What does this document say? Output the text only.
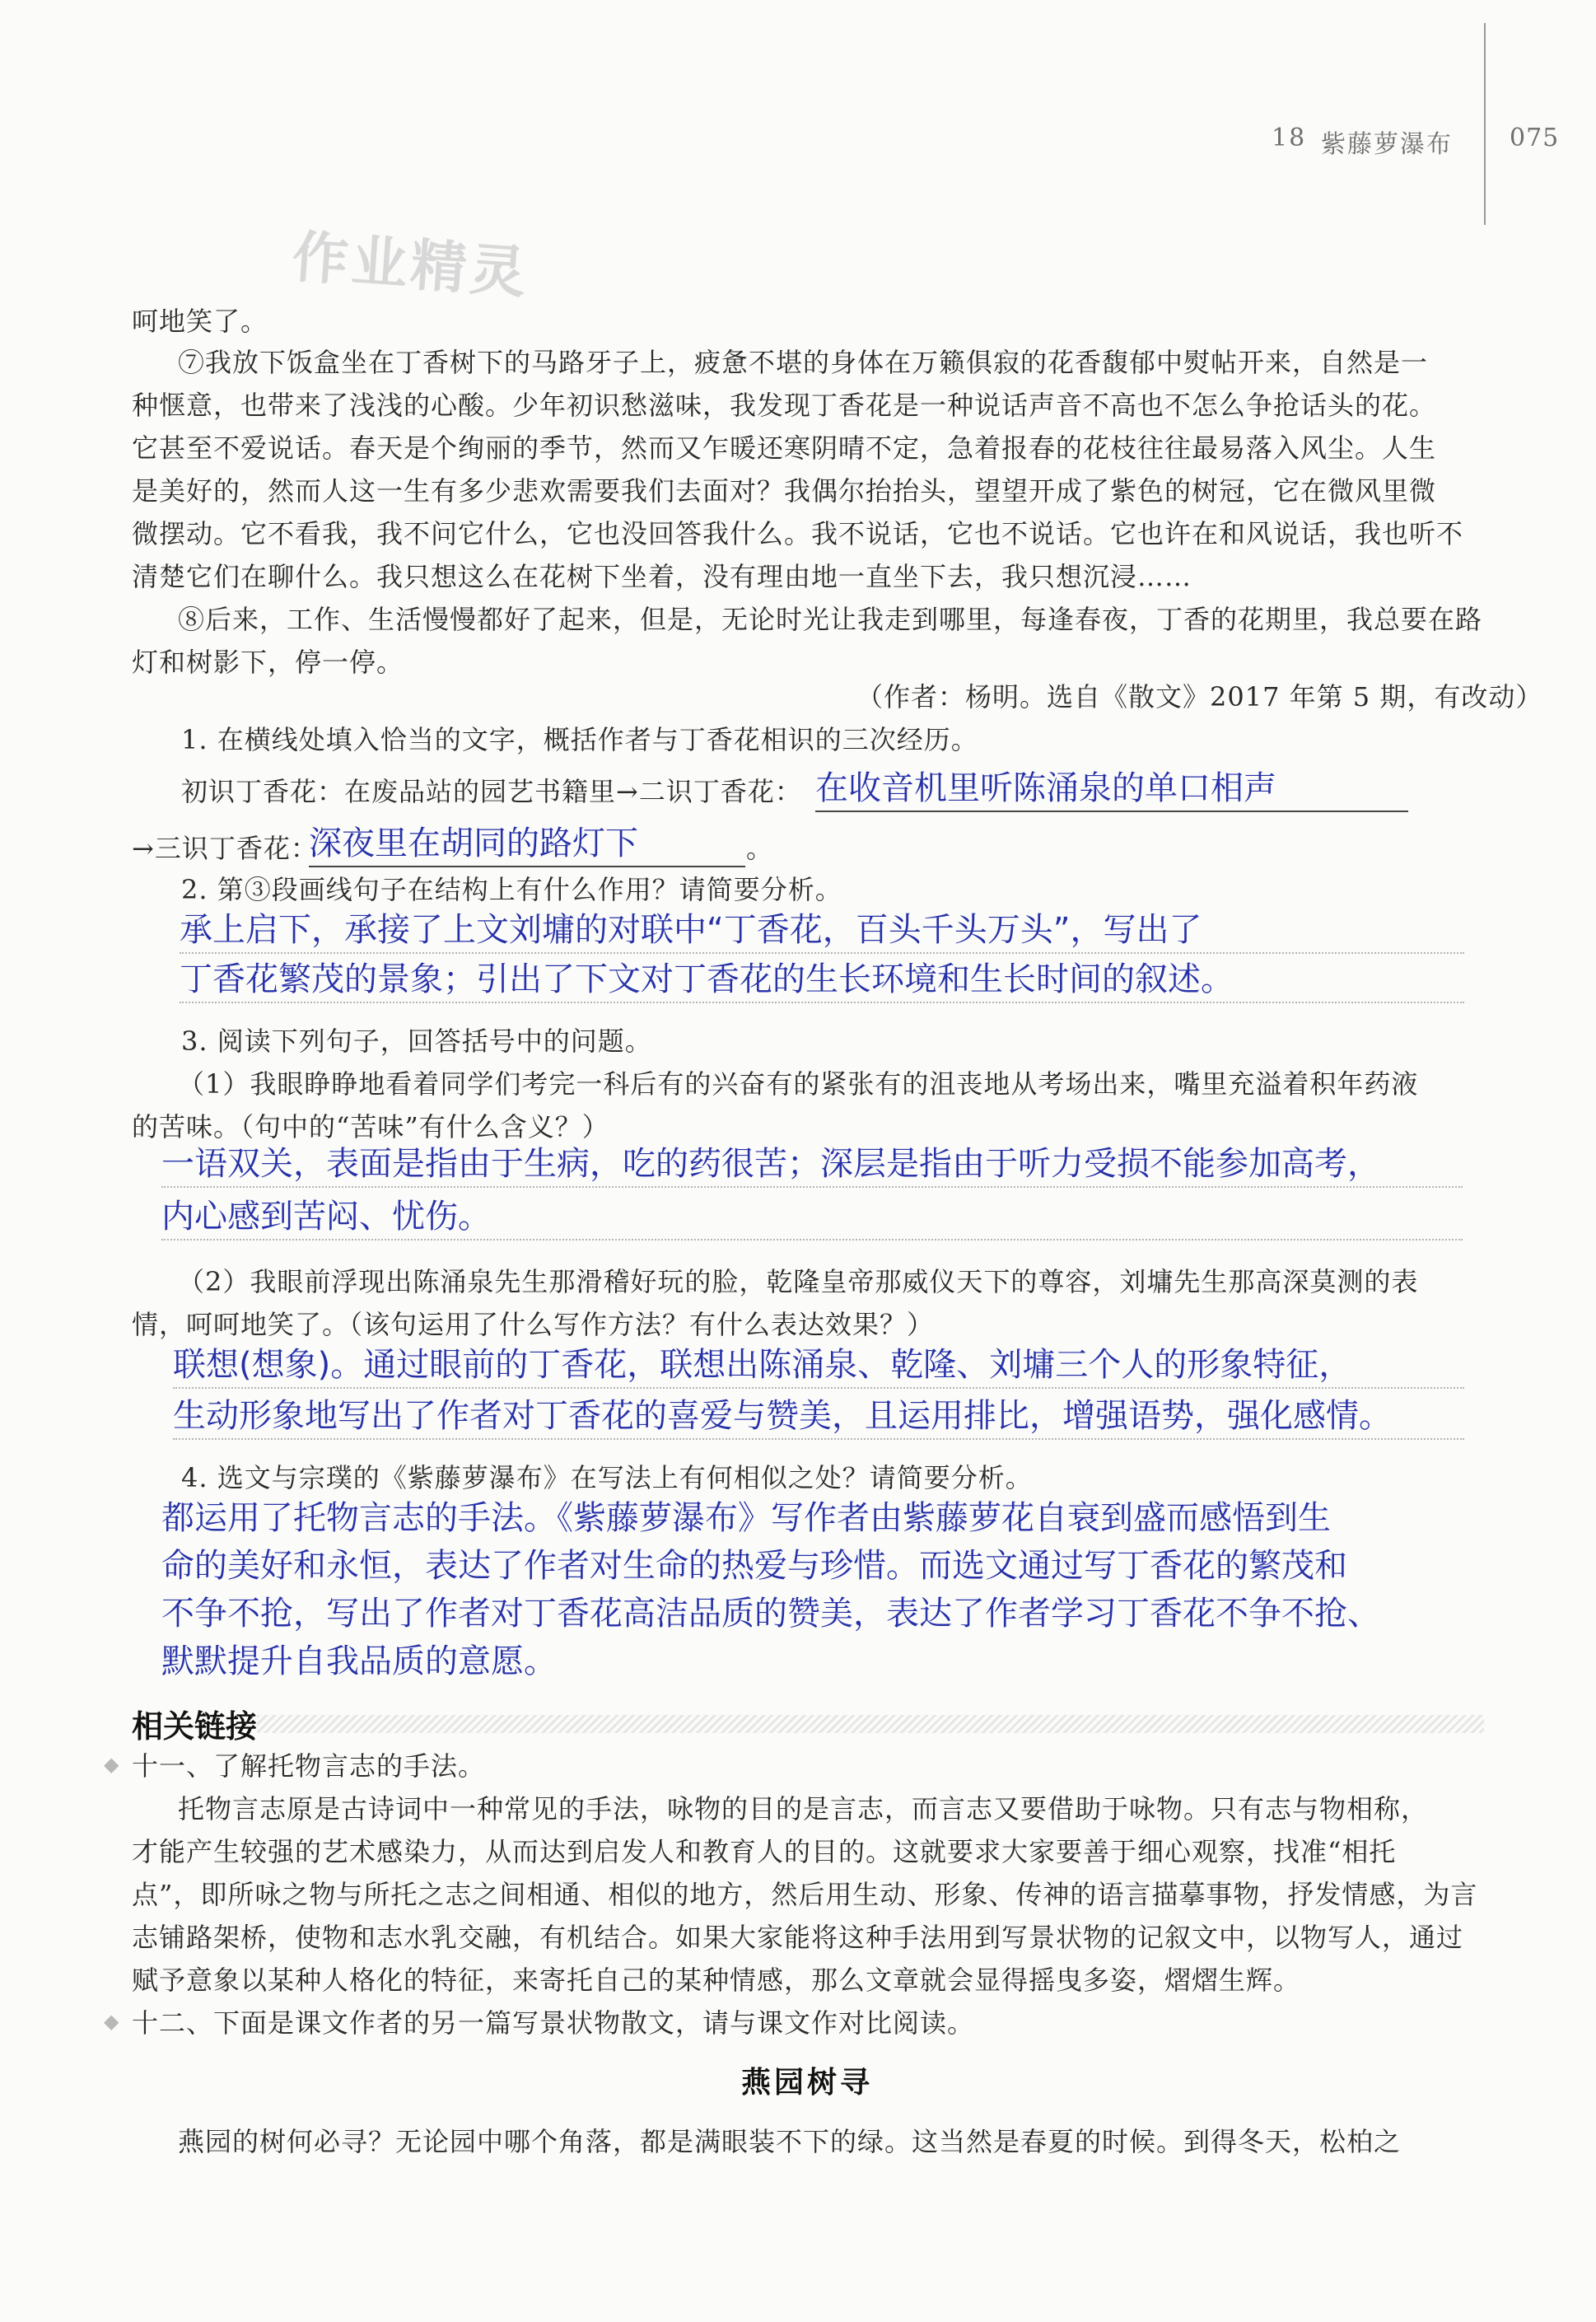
18 紫藤萝瀑布 075
作业精灵
呵地笑了。
⑦我放下饭盒坐在丁香树下的马路牙子上，疲惫不堪的身体在万籁俱寂的花香馥郁中熨帖开来，自然是一
种惬意，也带来了浅浅的心酸。少年初识愁滋味，我发现丁香花是一种说话声音不高也不怎么争抢话头的花。
它甚至不爱说话。春天是个绚丽的季节，然而又乍暖还寒阴晴不定，急着报春的花枝往往最易落入风尘。人生
是美好的，然而人这一生有多少悲欢需要我们去面对？我偶尔抬抬头，望望开成了紫色的树冠，它在微风里微
微摆动。它不看我，我不问它什么，它也没回答我什么。我不说话，它也不说话。它也许在和风说话，我也听不
清楚它们在聊什么。我只想这么在花树下坐着，没有理由地一直坐下去，我只想沉浸……
⑧后来，工作、生活慢慢都好了起来，但是，无论时光让我走到哪里，每逢春夜，丁香的花期里，我总要在路
灯和树影下，停一停。
（作者：杨明。选自《散文》2017 年第 5 期，有改动）
1. 在横线处填入恰当的文字，概括作者与丁香花相识的三次经历。
初识丁香花：在废品站的园艺书籍里→二识丁香花： 在收音机里听陈涌泉的单口相声
→三识丁香花：
深夜里在胡同的路灯下	。
2. 第③段画线句子在结构上有什么作用？请简要分析。
承上启下，承接了上文刘墉的对联中“丁香花，百头千头万头”，写出了
丁香花繁茂的景象；引出了下文对丁香花的生长环境和生长时间的叙述。
3. 阅读下列句子，回答括号中的问题。
（1）我眼睁睁地看着同学们考完一科后有的兴奋有的紧张有的沮丧地从考场出来，嘴里充溢着积年药液
的苦味。（句中的“苦味”有什么含义？）
一语双关，表面是指由于生病，吃的药很苦；深层是指由于听力受损不能参加高考，
内心感到苦闷、忧伤。
（2）我眼前浮现出陈涌泉先生那滑稽好玩的脸，乾隆皇帝那威仪天下的尊容，刘墉先生那高深莫测的表
情，呵呵地笑了。（该句运用了什么写作方法？有什么表达效果？）
联想(想象)。通过眼前的丁香花，联想出陈涌泉、乾隆、刘墉三个人的形象特征，
生动形象地写出了作者对丁香花的喜爱与赞美，且运用排比，增强语势，强化感情。
4. 选文与宗璞的《紫藤萝瀑布》在写法上有何相似之处？请简要分析。
都运用了托物言志的手法。《紫藤萝瀑布》写作者由紫藤萝花自衰到盛而感悟到生
命的美好和永恒，表达了作者对生命的热爱与珍惜。而选文通过写丁香花的繁茂和
不争不抢，写出了作者对丁香花高洁品质的赞美，表达了作者学习丁香花不争不抢、
默默提升自我品质的意愿。
相关链接
◆ 十一、了解托物言志的手法。
托物言志原是古诗词中一种常见的手法，咏物的目的是言志，而言志又要借助于咏物。只有志与物相称，
才能产生较强的艺术感染力，从而达到启发人和教育人的目的。这就要求大家要善于细心观察，找准“相托
点”，即所咏之物与所托之志之间相通、相似的地方，然后用生动、形象、传神的语言描摹事物，抒发情感，为言
志铺路架桥，使物和志水乳交融，有机结合。如果大家能将这种手法用到写景状物的记叙文中，以物写人，通过
赋予意象以某种人格化的特征，来寄托自己的某种情感，那么文章就会显得摇曳多姿，熠熠生辉。
◆ 十二、下面是课文作者的另一篇写景状物散文，请与课文作对比阅读。
燕园树寻
燕园的树何必寻？无论园中哪个角落，都是满眼装不下的绿。这当然是春夏的时候。到得冬天，松柏之
